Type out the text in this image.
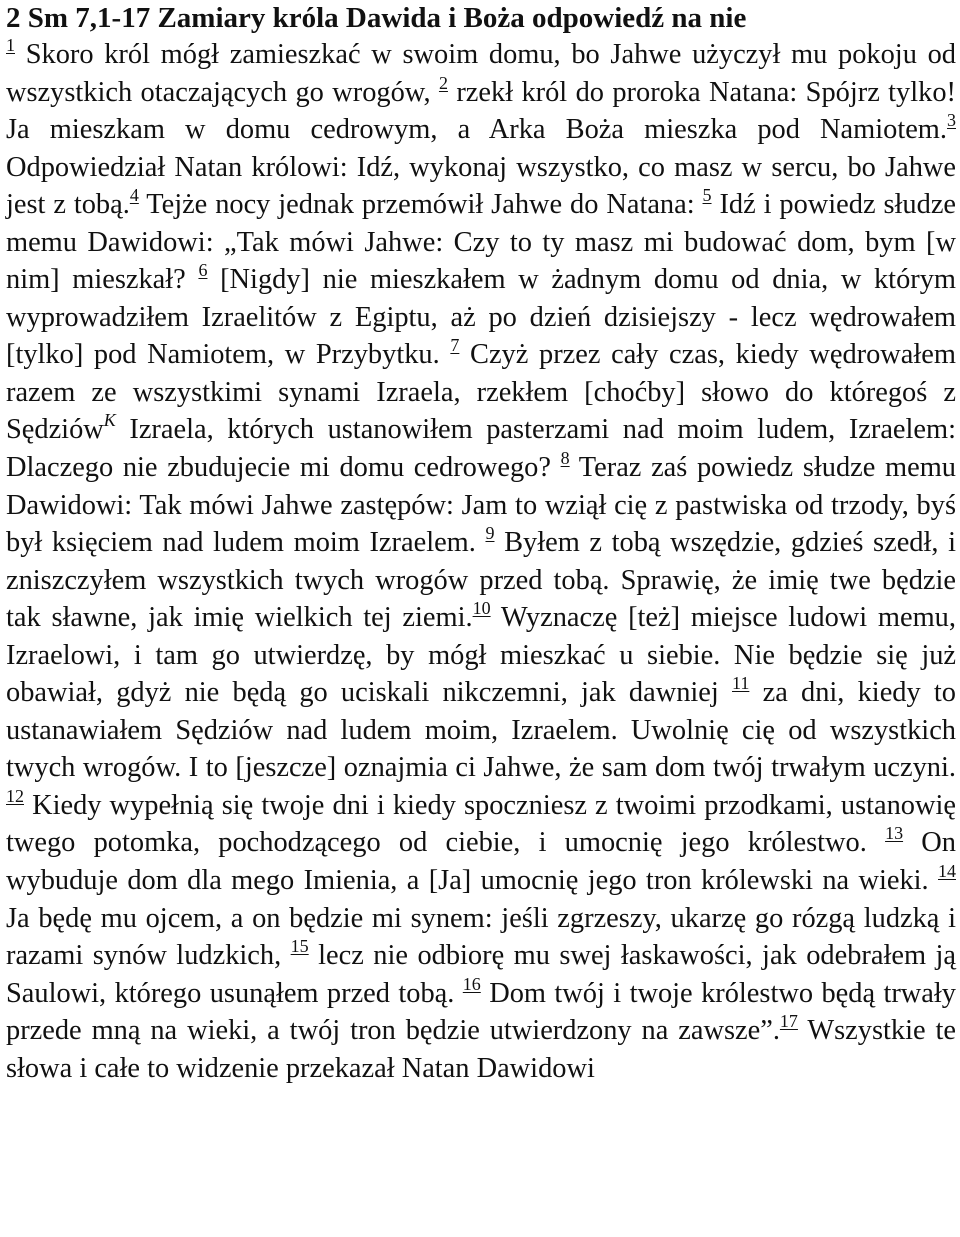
2 Sm 7,1-17 Zamiary króla Dawida i Boża odpowiedź na nie

$^1$ Skoro król mógł zamieszkać w swoim domu, bo Jahwe użyczył mu pokoju od wszystkich otaczających go wrogów, $^2$ rzekł król do proroka Natana: Spójrz tylko! Ja mieszkam w domu cedrowym, a Arka Boża mieszka pod Namiotem.$^3$ Odpowiedział Natan królowi: Idź, wykonaj wszystko, co masz w sercu, bo Jahwe jest z tobą.$^4$ Tejże nocy jednak przemówił Jahwe do Natana: $^5$ Idź i powiedz słudze memu Dawidowi: „Tak mówi Jahwe: Czy to ty masz mi budować dom, bym [w nim] mieszkał? $^6$ [Nigdy] nie mieszkałem w żadnym domu od dnia, w którym wyprowadziłem Izraelitów z Egiptu, aż po dzień dzisiejszy - lecz wędrowałem [tylko] pod Namiotem, w Przybytku. $^7$ Czyż przez cały czas, kiedy wędrowałem razem ze wszystkimi synami Izraela, rzekłem [choćby] słowo do któregoś z Sędziów$^K$ Izraela, których ustanowiłem pasterzami nad moim ludem, Izraelem: Dlaczego nie zbudujecie mi domu cedrowego? $^8$ Teraz zaś powiedz słudze memu Dawidowi: Tak mówi Jahwe zastępów: Jam to wziął cię z pastwiska od trzody, byś był księciem nad ludem moim Izraelem. $^9$ Byłem z tobą wszędzie, gdzieś szedł, i zniszczyłem wszystkich twych wrogów przed tobą. Sprawię, że imię twe będzie tak sławne, jak imię wielkich tej ziemi.$^{10}$ Wyznaczę [też] miejsce ludowi memu, Izraelowi, i tam go utwierdzę, by mógł mieszkać u siebie. Nie będzie się już obawiał, gdyż nie będą go uciskali nikczemni, jak dawniej $^{11}$ za dni, kiedy to ustanawiałem Sędziów nad ludem moim, Izraelem. Uwolnię cię od wszystkich twych wrogów. I to [jeszcze] oznajmia ci Jahwe, że sam dom twój trwałym uczyni. $^{12}$ Kiedy wypełnią się twoje dni i kiedy spoczniesz z twoimi przodkami, ustanowię twego potomka, pochodzącego od ciebie, i umocnię jego królestwo. $^{13}$ On wybuduje dom dla mego Imienia, a [Ja] umocnię jego tron królewski na wieki. $^{14}$ Ja będę mu ojcem, a on będzie mi synem: jeśli zgrzeszy, ukarzę go rózgą ludzką i razami synów ludzkich, $^{15}$ lecz nie odbiorę mu swej łaskawości, jak odebrałem ją Saulowi, którego usunąłem przed tobą. $^{16}$ Dom twój i twoje królestwo będą trwały przede mną na wieki, a twój tron będzie utwierdzony na zawsze”.$^{17}$ Wszystkie te słowa i całe to widzenie przekazał Natan Dawidowi
